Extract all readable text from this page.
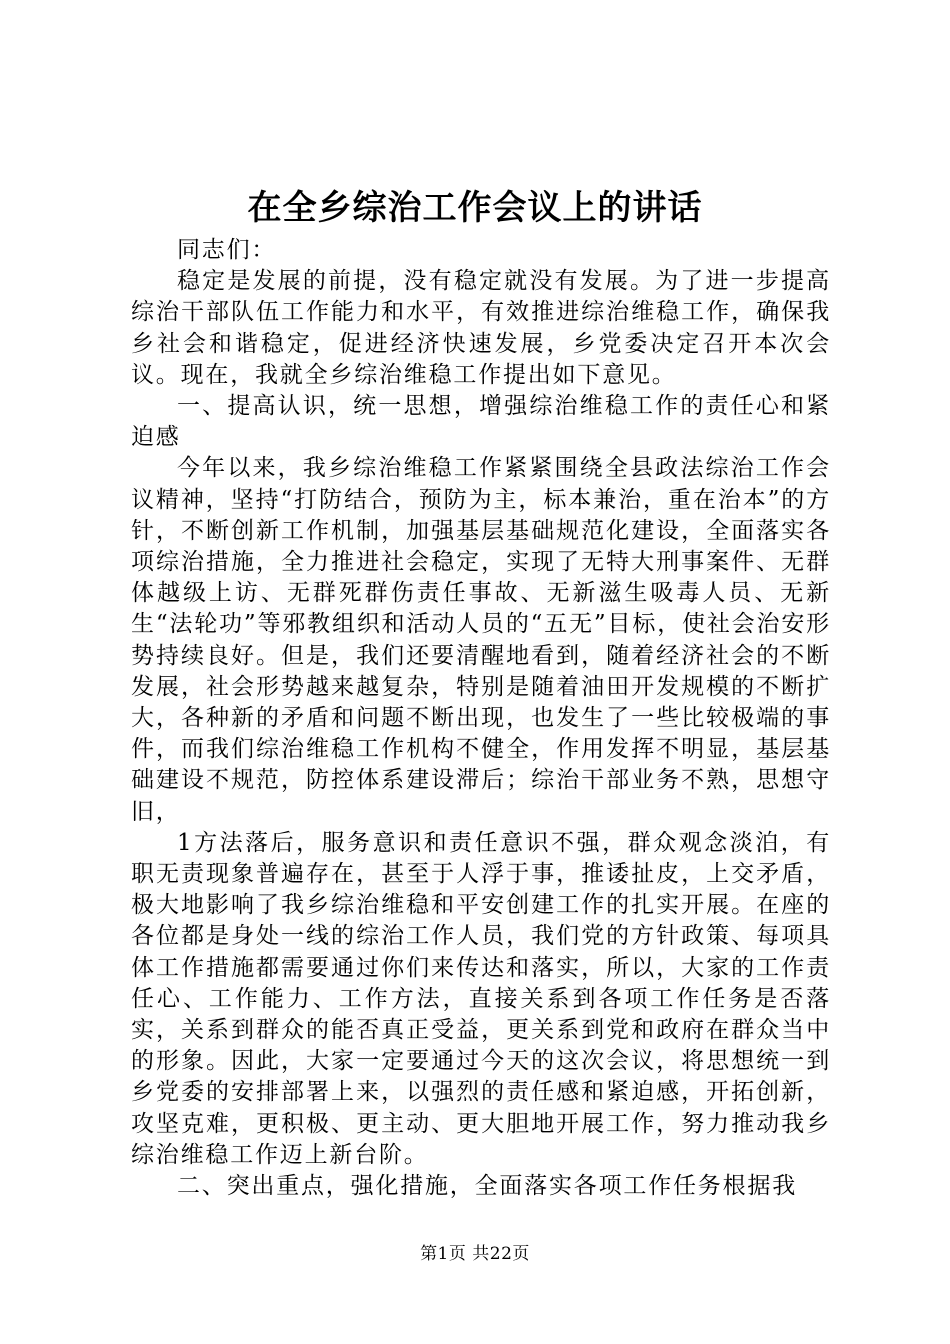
在全乡综治工作会议上的讲话

同志们：

稳定是发展的前提，没有稳定就没有发展。为了进一步提高综治干部队伍工作能力和水平，有效推进综治维稳工作，确保我乡社会和谐稳定，促进经济快速发展，乡党委决定召开本次会议。现在，我就全乡综治维稳工作提出如下意见。

一、提高认识，统一思想，增强综治维稳工作的责任心和紧迫感

今年以来，我乡综治维稳工作紧紧围绕全县政法综治工作会议精神，坚持“打防结合，预防为主，标本兼治，重在治本”的方针，不断创新工作机制，加强基层基础规范化建设，全面落实各项综治措施，全力推进社会稳定，实现了无特大刑事案件、无群体越级上访、无群死群伤责任事故、无新滋生吸毒人员、无新生“法轮功”等邪教组织和活动人员的“五无”目标，使社会治安形势持续良好。但是，我们还要清醒地看到，随着经济社会的不断发展，社会形势越来越复杂，特别是随着油田开发规模的不断扩大，各种新的矛盾和问题不断出现，也发生了一些比较极端的事件，而我们综治维稳工作机构不健全，作用发挥不明显，基层基础建设不规范，防控体系建设滞后；综治干部业务不熟，思想守旧，

1方法落后，服务意识和责任意识不强，群众观念淡泊，有职无责现象普遍存在，甚至于人浮于事，推诿扯皮，上交矛盾，极大地影响了我乡综治维稳和平安创建工作的扎实开展。在座的各位都是身处一线的综治工作人员，我们党的方针政策、每项具体工作措施都需要通过你们来传达和落实，所以，大家的工作责任心、工作能力、工作方法，直接关系到各项工作任务是否落实，关系到群众的能否真正受益，更关系到党和政府在群众当中的形象。因此，大家一定要通过今天的这次会议，将思想统一到乡党委的安排部署上来，以强烈的责任感和紧迫感，开拓创新，攻坚克难，更积极、更主动、更大胆地开展工作，努力推动我乡综治维稳工作迈上新台阶。

二、突出重点，强化措施，全面落实各项工作任务根据我

第1页 共22页
